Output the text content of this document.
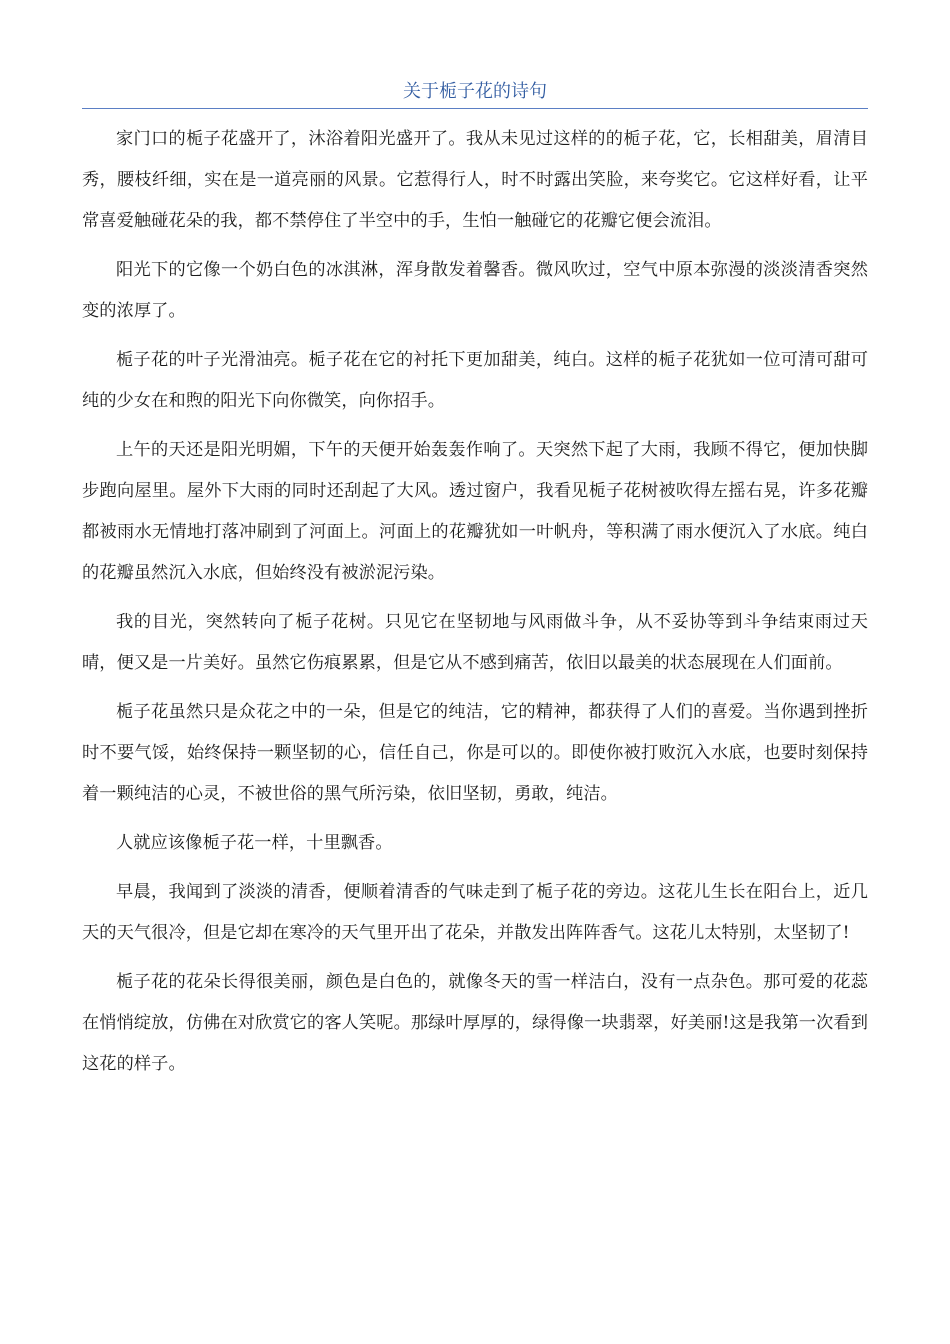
关于栀子花的诗句

家门口的栀子花盛开了，沐浴着阳光盛开了。我从未见过这样的的栀子花，它，长相甜美，眉清目秀，腰枝纤细，实在是一道亮丽的风景。它惹得行人，时不时露出笑脸，来夸奖它。它这样好看，让平常喜爱触碰花朵的我，都不禁停住了半空中的手，生怕一触碰它的花瓣它便会流泪。

阳光下的它像一个奶白色的冰淇淋，浑身散发着馨香。微风吹过，空气中原本弥漫的淡淡清香突然变的浓厚了。

栀子花的叶子光滑油亮。栀子花在它的衬托下更加甜美，纯白。这样的栀子花犹如一位可清可甜可纯的少女在和煦的阳光下向你微笑，向你招手。

上午的天还是阳光明媚，下午的天便开始轰轰作响了。天突然下起了大雨，我顾不得它，便加快脚步跑向屋里。屋外下大雨的同时还刮起了大风。透过窗户，我看见栀子花树被吹得左摇右晃，许多花瓣都被雨水无情地打落冲刷到了河面上。河面上的花瓣犹如一叶帆舟，等积满了雨水便沉入了水底。纯白的花瓣虽然沉入水底，但始终没有被淤泥污染。

我的目光，突然转向了栀子花树。只见它在坚韧地与风雨做斗争，从不妥协等到斗争结束雨过天晴，便又是一片美好。虽然它伤痕累累，但是它从不感到痛苦，依旧以最美的状态展现在人们面前。

栀子花虽然只是众花之中的一朵，但是它的纯洁，它的精神，都获得了人们的喜爱。当你遇到挫折时不要气馁，始终保持一颗坚韧的心，信任自己，你是可以的。即使你被打败沉入水底，也要时刻保持着一颗纯洁的心灵，不被世俗的黑气所污染，依旧坚韧，勇敢，纯洁。

人就应该像栀子花一样，十里飘香。

早晨，我闻到了淡淡的清香，便顺着清香的气味走到了栀子花的旁边。这花儿生长在阳台上，近几天的天气很冷，但是它却在寒冷的天气里开出了花朵，并散发出阵阵香气。这花儿太特别，太坚韧了!

栀子花的花朵长得很美丽，颜色是白色的，就像冬天的雪一样洁白，没有一点杂色。那可爱的花蕊在悄悄绽放，仿佛在对欣赏它的客人笑呢。那绿叶厚厚的，绿得像一块翡翠，好美丽!这是我第一次看到这花的样子。
